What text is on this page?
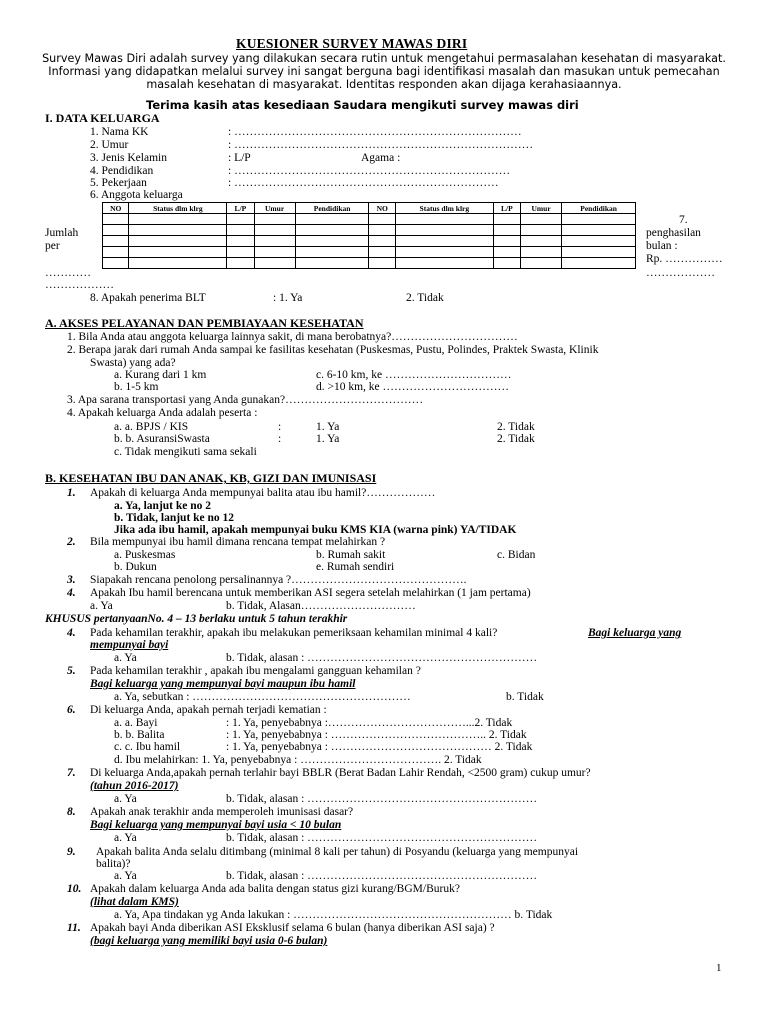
KUESIONER SURVEY MAWAS DIRI
Survey Mawas Diri adalah survey yang dilakukan secara rutin untuk mengetahui permasalahan kesehatan di masyarakat. Informasi yang didapatkan melalui survey ini sangat berguna bagi identifikasi masalah dan masukan untuk pemecahan masalah kesehatan di masyarakat. Identitas responden akan dijaga kerahasiaannya.
Terima kasih atas kesediaan Saudara mengikuti survey mawas diri
I. DATA KELUARGA
1. Nama KK	: …………………………………………………………………
2. Umur	: ……………………………………………………………………
3. Jenis Kelamin	: L/P	Agama :
4. Pendidikan	: ………………………………………………………………
5. Pekerjaan	: ……………………………………………………………
6. Anggota keluarga
NO	Status dlm klrg	L/P	Umur	Pendidikan	NO	Status dlm klrg	L/P	Umur	Pendidikan

Jumlah
per
…………
………………
7.
penghasilan
bulan :
Rp. ……………
………………
8. Apakah penerima BLT	: 1. Ya	2. Tidak
A. AKSES PELAYANAN DAN PEMBIAYAAN KESEHATAN
1. Bila Anda atau anggota keluarga lainnya sakit, di mana berobatnya?……………………………
2. Berapa jarak dari rumah Anda sampai ke fasilitas kesehatan (Puskesmas, Pustu, Polindes, Praktek Swasta, Klinik
Swasta) yang ada?
a. Kurang dari 1 km	c. 6-10 km, ke ……………………………
b. 1-5 km	d. >10 km, ke ……………………………
3. Apa sarana transportasi yang Anda gunakan?………………………………
4. Apakah keluarga Anda adalah peserta :
a. a. BPJS / KIS	:	1. Ya	2. Tidak
b. b. AsuransiSwasta	:	1. Ya	2. Tidak
c. Tidak mengikuti sama sekali
B. KESEHATAN IBU DAN ANAK, KB, GIZI DAN IMUNISASI
1. Apakah di keluarga Anda mempunyai balita atau ibu hamil?………………
a. Ya, lanjut ke no 2
b. Tidak, lanjut ke no 12
Jika ada ibu hamil, apakah mempunyai buku KMS KIA (warna pink) YA/TIDAK
2. Bila mempunyai ibu hamil dimana rencana tempat melahirkan ?
a. Puskesmas	b. Rumah sakit	c. Bidan
b. Dukun	e. Rumah sendiri
3. Siapakah rencana penolong persalinannya ?……………………………………….
4. Apakah Ibu hamil berencana untuk memberikan ASI segera setelah melahirkan (1 jam pertama)
a. Ya	b. Tidak, Alasan…………………………
KHUSUS pertanyaanNo. 4 – 13 berlaku untuk 5 tahun terakhir
4. Pada kehamilan terakhir, apakah ibu melakukan pemeriksaan kehamilan minimal 4 kali?	Bagi keluarga yang
mempunyai bayi
a. Ya	b. Tidak, alasan : ……………………………………………………
5. Pada kehamilan terakhir , apakah ibu mengalami gangguan kehamilan ?
Bagi keluarga yang mempunyai bayi maupun ibu hamil
a. Ya, sebutkan : …………………………………………………	b. Tidak
6. Di keluarga Anda, apakah pernah terjadi kematian :
a. a. Bayi	: 1. Ya, penyebabnya :………………………………...2. Tidak
b. b. Balita	: 1. Ya, penyebabnya : ………………………………….. 2. Tidak
c. c. Ibu hamil	: 1. Ya, penyebabnya : …………………………………… 2. Tidak
d. Ibu melahirkan: 1. Ya, penyebabnya : ………………………………. 2. Tidak
7. Di keluarga Anda,apakah pernah terlahir bayi BBLR (Berat Badan Lahir Rendah, <2500 gram) cukup umur?
(tahun 2016-2017)
a. Ya	b. Tidak, alasan : ……………………………………………………
8. Apakah anak terakhir anda memperoleh imunisasi dasar?
Bagi keluarga yang mempunyai bayi usia < 10 bulan
a. Ya	b. Tidak, alasan : ……………………………………………………
9. Apakah balita Anda selalu ditimbang (minimal 8 kali per tahun) di Posyandu (keluarga yang mempunyai
balita)?
a. Ya	b. Tidak, alasan : ……………………………………………………
10. Apakah dalam keluarga Anda ada balita dengan status gizi kurang/BGM/Buruk?
(lihat dalam KMS)
a. Ya, Apa tindakan yg Anda lakukan : ………………………………………………… b. Tidak
11. Apakah bayi Anda diberikan ASI Eksklusif selama 6 bulan (hanya diberikan ASI saja) ?
(bagi keluarga yang memiliki bayi usia 0-6 bulan)
1
